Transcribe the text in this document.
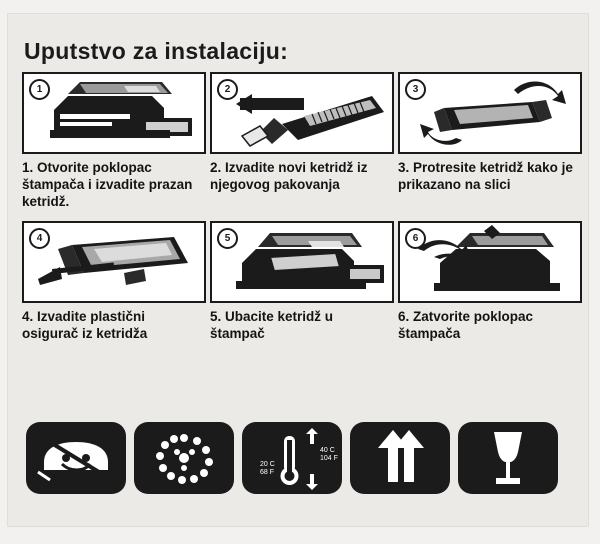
Uputstvo za instalaciju:
1
1. Otvorite poklopac štampača i izvadite prazan ketridž.
2
2. Izvadite novi ketridž iz njegovog pakovanja
3
3. Protresite ketridž kako je prikazano na slici
4
4. Izvadite plastični osigurač iz ketridža
5
5. Ubacite ketridž u štampač
6
6. Zatvorite poklopac štampača
20 C
68 F
40 C
104 F
